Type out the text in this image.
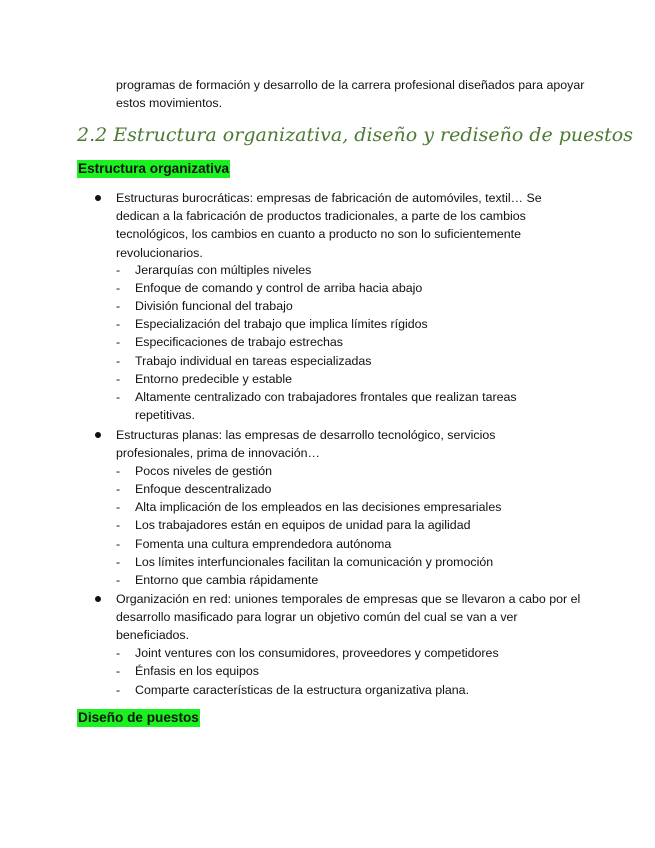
programas de formación y desarrollo de la carrera profesional diseñados para apoyar estos movimientos.
2.2 Estructura organizativa, diseño y rediseño de puestos
Estructura organizativa
Estructuras burocráticas: empresas de fabricación de automóviles, textil… Se dedican a la fabricación de productos tradicionales, a parte de los cambios tecnológicos, los cambios en cuanto a producto no son lo suficientemente revolucionarios.
- Jerarquías con múltiples niveles
- Enfoque de comando y control de arriba hacia abajo
- División funcional del trabajo
- Especialización del trabajo que implica límites rígidos
- Especificaciones de trabajo estrechas
- Trabajo individual en tareas especializadas
- Entorno predecible y estable
- Altamente centralizado con trabajadores frontales que realizan tareas repetitivas.
Estructuras planas: las empresas de desarrollo tecnológico, servicios profesionales, prima de innovación…
- Pocos niveles de gestión
- Enfoque descentralizado
- Alta implicación de los empleados en las decisiones empresariales
- Los trabajadores están en equipos de unidad para la agilidad
- Fomenta una cultura emprendedora autónoma
- Los límites interfuncionales facilitan la comunicación y promoción
- Entorno que cambia rápidamente
Organización en red: uniones temporales de empresas que se llevaron a cabo por el desarrollo masificado para lograr un objetivo común del cual se van a ver beneficiados.
- Joint ventures con los consumidores, proveedores y competidores
- Énfasis en los equipos
- Comparte características de la estructura organizativa plana.
Diseño de puestos
